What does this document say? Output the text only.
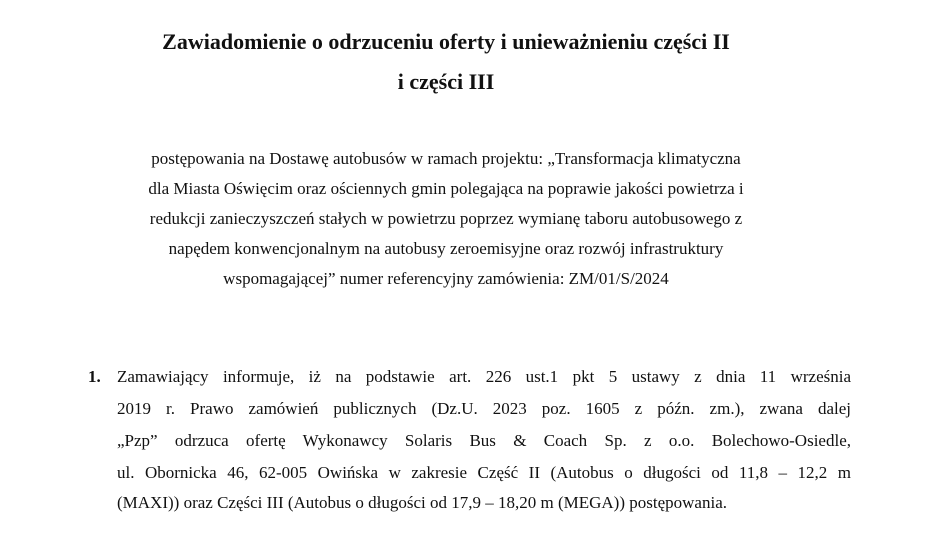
Zawiadomienie o odrzuceniu oferty i unieważnieniu części II
i części III
postępowania na Dostawę autobusów w ramach projektu: „Transformacja klimatyczna
dla Miasta Oświęcim oraz ościennych gmin polegająca na poprawie jakości powietrza i
redukcji zanieczyszczeń stałych w powietrzu poprzez wymianę taboru autobusowego z
napędem konwencjonalnym na autobusy zeroemisyjne oraz rozwój infrastruktury
wspomagającej” numer referencyjny zamówienia: ZM/01/S/2024
1. Zamawiający informuje, iż na podstawie art. 226 ust.1 pkt 5 ustawy z dnia 11 września
2019 r. Prawo zamówień publicznych (Dz.U. 2023 poz. 1605 z późn. zm.), zwana dalej
„Pzp” odrzuca ofertę Wykonawcy Solaris Bus & Coach Sp. z o.o. Bolechowo-Osiedle,
ul. Obornicka 46, 62-005 Owińska w zakresie Część II (Autobus o długości od 11,8 – 12,2 m
(MAXI)) oraz Części III (Autobus o długości od 17,9 – 18,20 m (MEGA)) postępowania.
